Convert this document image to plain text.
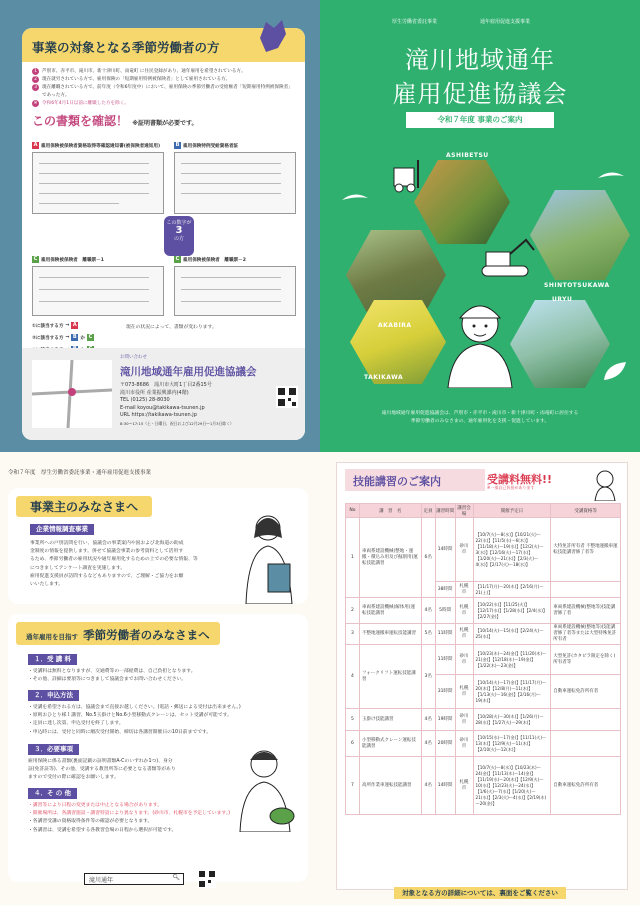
事業の対象となる季節労働者の方
1	芦別市、赤平市、滝川市、新十津川町、雨竜町 に住民登録があり、通年雇用を希望されている方。
2	現在就労されている方で、雇用保険の「短期雇用特例被保険者」として雇用されている方。
3	現在離職されている方で、前年度（令和6年度中）において、雇用保険の季節労働者の受給権者「短期雇用特例被保険者」であった方。
※	令和6年4月1日以前に離職した方を除く。
この書類を確認！ ※証明書類が必要です。
A 雇用保険被保険者資格取得等確認通知書(被保険者通知用)	B 雇用保険特例受給資格者証
この数字が
3
の方
C 雇用保険被保険者　離職票－1	C 雇用保険被保険者　離職票－2
①に該当する方 → A
②に該当する方 → B か C
現在の状況によって、書類が変わります。
お問い合わせ
滝川地域通年雇用促進協議会
〒073-8686　 滝川市大町1丁目2番15号
滝川市役所 産業振興課内(4階)
TEL (0125) 28-8030
E-mail koyou@takikawa-tsunen.jp
URL https://takikawa-tsunen.jp
8:30〜17:15（土・日曜日、祝日および12月29日〜1月3日除く）
厚生労働省委託事業	通年雇用促進支援事業
滝川地域通年
雇用促進協議会
令和７年度 事業のご案内
ASHIBETSU
AKABIRA
SHINTOTSUKAWA
URYU
TAKIKAWA
滝川地域通年雇用促進協議会は、芦別市・赤平市・滝川市・新十津川町・雨竜町に居住する
季節労働者のみなさまの、通年雇用化を支援・促進しています。
令和７年度　厚生労働省委託事業・通年雇用促進支援事業
事業主のみなさまへ
企業情報調査事業
事業所への戸別訪問を行い、協議会の事業案内や国および北海道の助成
金制度の情報を提供します。併せて協議会事業の参考資料として活用す
るため、季節労働者の雇用状況や通年雇用化するための上での必要な情報、等
につきましてアンケート調査を実施します。
雇用促進支援員が訪問するなどもありますので、ご理解・ご協力をお願
いいたします。
通年雇用を目指す 季節労働者のみなさまへ
１．受 講 料
・受講料は無料となりますが、交通費等の一部経費は、自己負担となります。
・その他、詳細は要項等につきまして協議会までお問い合わせください。
２．申込方法
・受講を希望される方は、協議会まで直接お越しください。(電話・郵送による受付は出来ません。)
・原則おひとり様１講習、No.5玉掛けとNo.6小型移動式クレーンは、セット受講が可能です。
・定員に達し次第、申込受付を終了します。
・申込時には、受付と同時に順次受付開始、締切は各講習開催日の10日前までです。
３．必要事項
雇用保険に係る書類(裏面記載の証明書類A-Cのいずれか1つ)、身分
証(免許証等)、その他、受講する教習所等に必要となる書類等があり
ますので受付の際に確認をお願いします。
４．そ の 他
・講習等により日程の変更または中止となる場合があります。
・開催場所は、各講習施設・講習特設により異なります。(砂川市、札幌市を予定しています。)
・各講習受講の資格取得条件等の確認が必要となります。
・各講習は、受講を希望する各教習会場の日程から選択が可能です。
滝川通年	🔍︎
技能講習のご案内	受講料無料!!
※一部自己負担があります
No	講　習　名	定員	講習時間	講習会場	開催予定日	受講資格等
1	車両系建設機械(整地・運搬・積込み用及び掘削用)運転技能講習	6名	14時間	砂川市	【10/7(火)～8(水)】【10/21(火)～22(水)】【11/5(水)～6(木)】【11/18(火)～19(水)】【12/2(火)～3(水)】【12/16(火)～17(水)】【1/20(火)～21(水)】【2/3(火)～4(水)】【2/17(火)～18(水)】	大特免許所有者 不整地運搬車運転技能講習修了者等
			38時間	札幌市	【11/17(月)～20(木)】【2/16(月)～21(土)】	
2	車両系建設機械(解体用)運転技能講習	4名	5時間	札幌市	【10/22(水)】【11/25(火)】【12/17(水)】【1/28(水)】【2/4(水)】【2/27(金)】	車両系建設機械(整地等)技能講習修了者
3	不整地運搬車運転技能講習	5名	11時間	札幌市	【10/14(火)～15(水)】【2/24(火)～25(水)】	車両系建設機械(整地等)技能講習修了者等または大型特殊免許所有者
4	フォークリフト運転技能講習	3名	11時間	砂川市	【10/23(木)～24(金)】【11/20(木)～21(金)】【12/18(木)～19(金)】【1/22(木)～23(金)】	大型免許(カタピラ限定を除く)所有者等
			31時間	札幌市	【10/14(火)～17(金)】【11/17(月)～20(木)】【12/8(月)～11(木)】【1/13(火)～16(金)】【2/16(月)～19(木)】	自動車運転免許所有者
5	玉掛け技能講習	4名	19時間	砂川市	【10/28(火)～30(木)】【1/26(月)～28(水)】【1/27(火)～29(木)】	
6	小型移動式クレーン運転技能講習	4名	20時間	砂川市	【10/15(水)～17(金)】【11/11(火)～13(木)】【12/9(火)～11(木)】【2/10(火)～12(木)】	
7	高所作業車運転技能講習	4名	14時間	札幌市	【10/7(火)～8(水)】【10/23(木)～24(金)】【11/13(木)～14(金)】【11/19(水)～20(木)】【12/9(火)～10(水)】【12/23(火)～24(水)】【1/6(火)～7(水)】【1/20(火)～21(水)】【2/3(火)～4(水)】【2/19(木)～20(金)】	自動車運転免許所有者
対象となる方の詳細については、裏面をご覧ください
